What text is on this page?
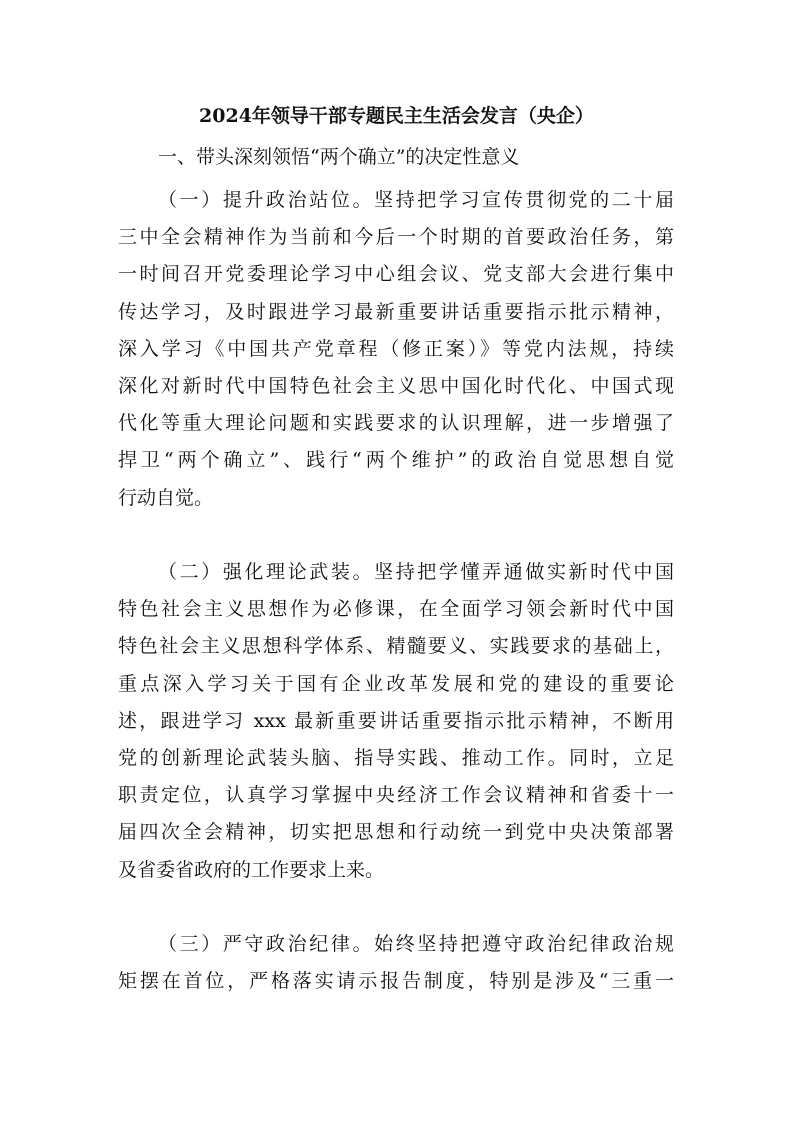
2024年领导干部专题民主生活会发言（央企）
一、带头深刻领悟“两个确立”的决定性意义

（一）提升政治站位。坚持把学习宣传贯彻党的二十届
三中全会精神作为当前和今后一个时期的首要政治任务，第
一时间召开党委理论学习中心组会议、党支部大会进行集中
传达学习，及时跟进学习最新重要讲话重要指示批示精神，
深入学习《中国共产党章程（修正案）》等党内法规，持续
深化对新时代中国特色社会主义思中国化时代化、中国式现
代化等重大理论问题和实践要求的认识理解，进一步增强了
捍卫“两个确立”、践行“两个维护”的政治自觉思想自觉
行动自觉。

（二）强化理论武装。坚持把学懂弄通做实新时代中国
特色社会主义思想作为必修课，在全面学习领会新时代中国
特色社会主义思想科学体系、精髓要义、实践要求的基础上，
重点深入学习关于国有企业改革发展和党的建设的重要论
述，跟进学习 xxx 最新重要讲话重要指示批示精神，不断用
党的创新理论武装头脑、指导实践、推动工作。同时，立足
职责定位，认真学习掌握中央经济工作会议精神和省委十一
届四次全会精神，切实把思想和行动统一到党中央决策部署
及省委省政府的工作要求上来。

（三）严守政治纪律。始终坚持把遵守政治纪律政治规
矩摆在首位，严格落实请示报告制度，特别是涉及“三重一
